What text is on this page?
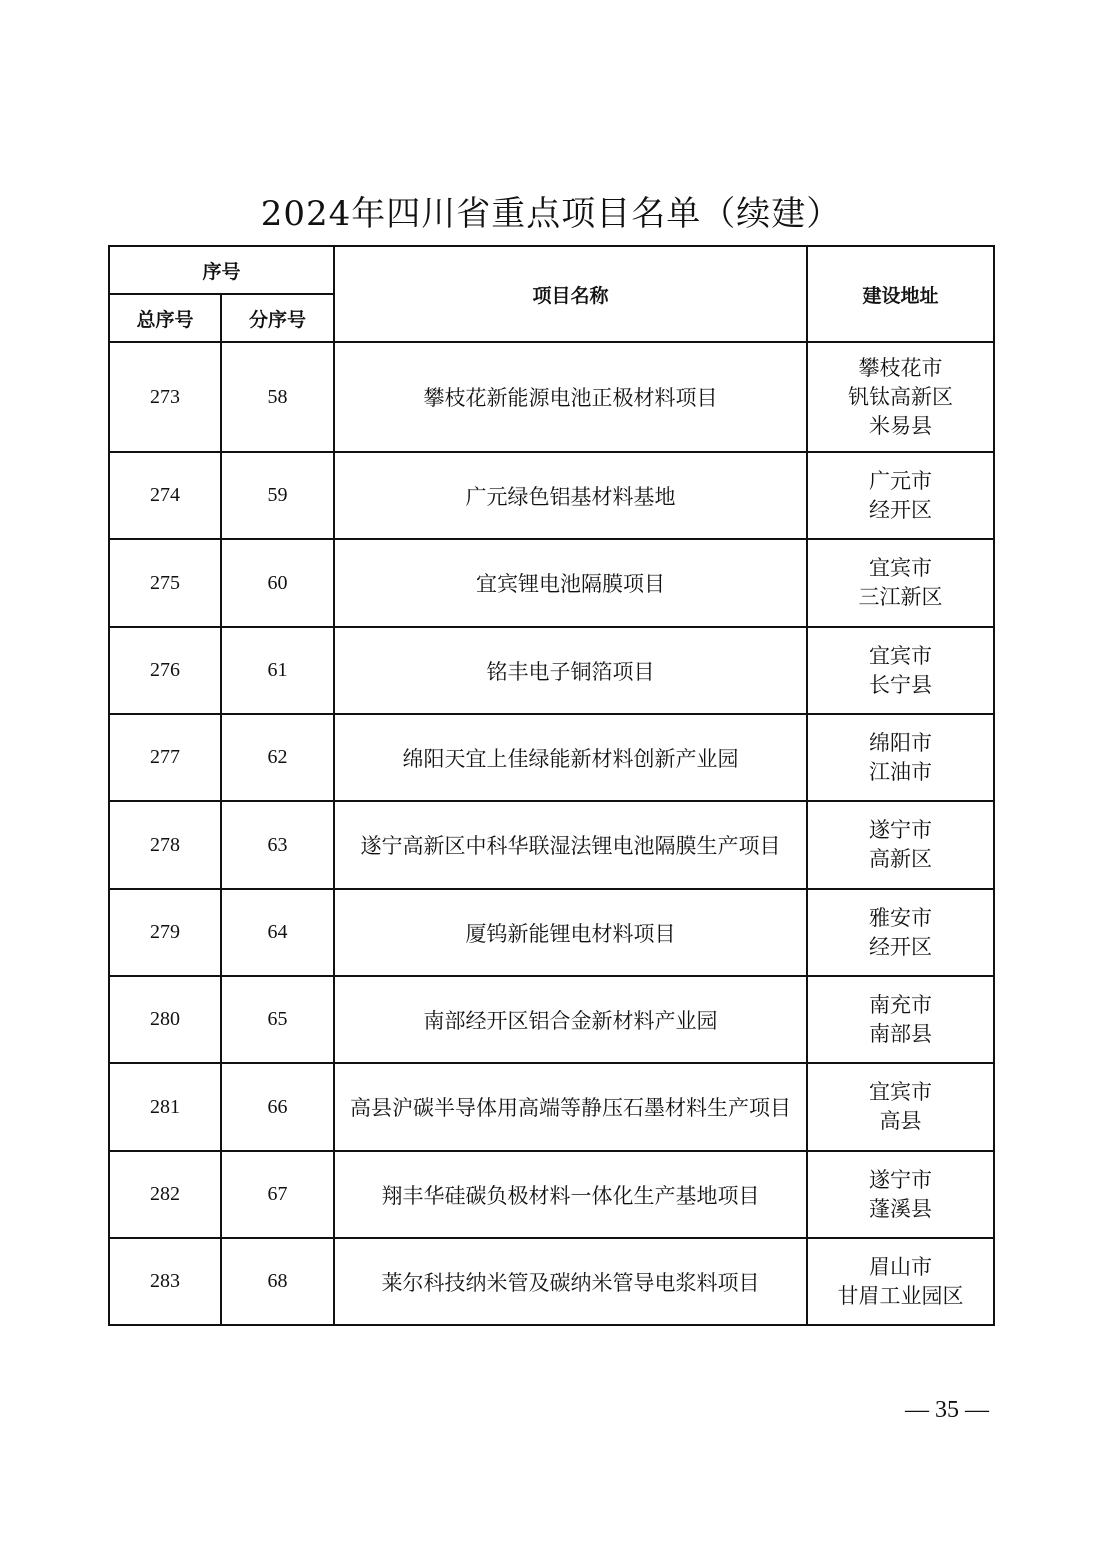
2024年四川省重点项目名单（续建）
序号		项目名称	建设地址
总序号	分序号		
273	58	攀枝花新能源电池正极材料项目	攀枝花市
钒钛高新区
米易县

274	59	广元绿色铝基材料基地	广元市
经开区

275	60	宜宾锂电池隔膜项目	宜宾市
三江新区

276	61	铭丰电子铜箔项目	宜宾市
长宁县

277	62	绵阳天宜上佳绿能新材料创新产业园	绵阳市
江油市

278	63	遂宁高新区中科华联湿法锂电池隔膜生产项目	遂宁市
高新区

279	64	厦钨新能锂电材料项目	雅安市
经开区

280	65	南部经开区铝合金新材料产业园	南充市
南部县

281	66	高县沪碳半导体用高端等静压石墨材料生产项目	宜宾市
高县

282	67	翔丰华硅碳负极材料一体化生产基地项目	遂宁市
蓬溪县

283	68	莱尔科技纳米管及碳纳米管导电浆料项目	眉山市
甘眉工业园区
— 35 —
